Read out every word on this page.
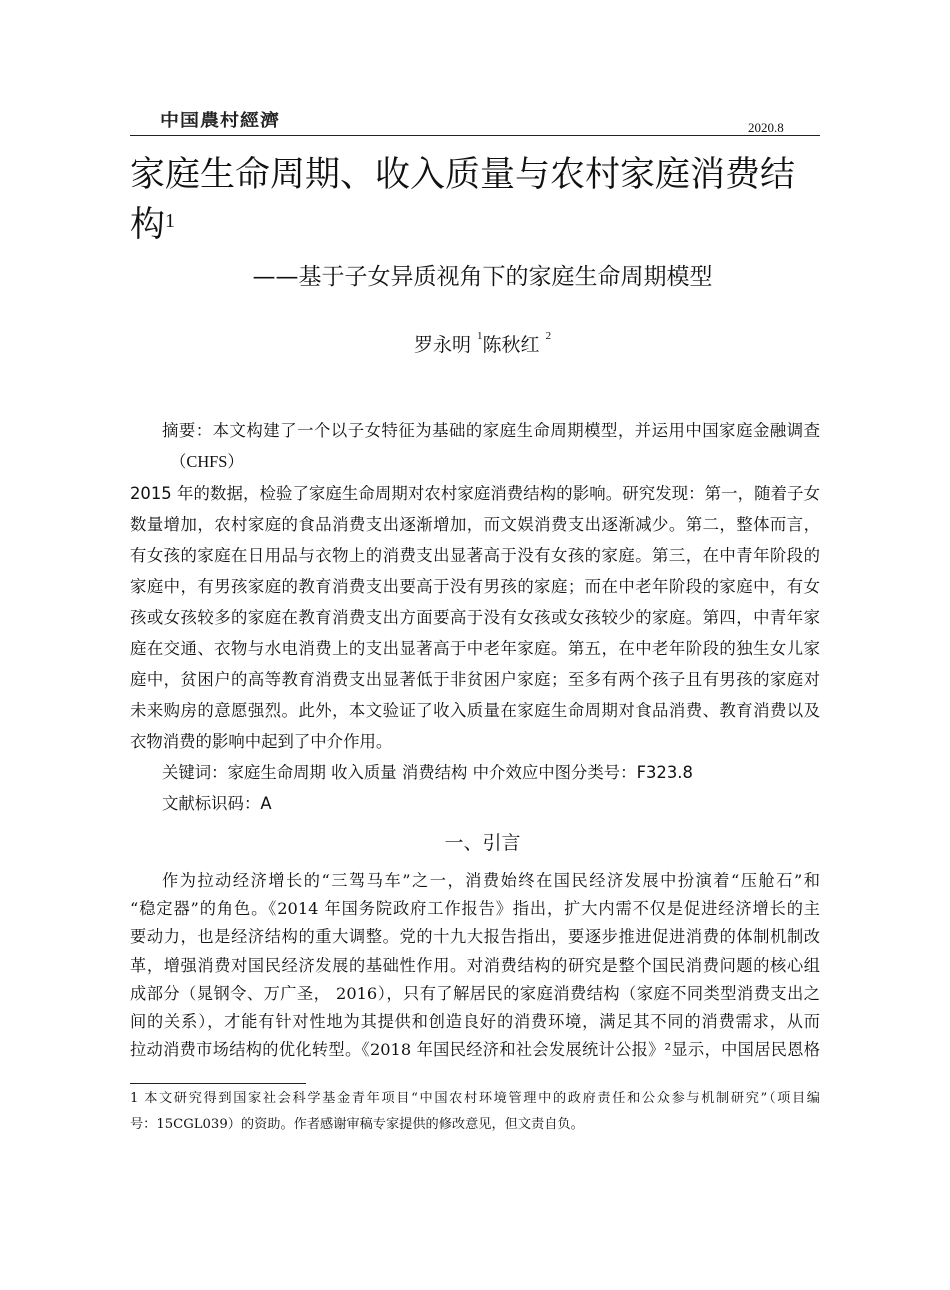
中国農村經濟	2020.8
家庭生命周期、收入质量与农村家庭消费结
构$^1$
——基于子女异质视角下的家庭生命周期模型
罗永明 $^1$陈秋红 $^2$
摘要：本文构建了一个以子女特征为基础的家庭生命周期模型，并运用中国家庭金融调查
（CHFS）
2015 年的数据，检验了家庭生命周期对农村家庭消费结构的影响。研究发现：第一，随着子女
数量增加，农村家庭的食品消费支出逐渐增加，而文娱消费支出逐渐减少。第二，整体而言，
有女孩的家庭在日用品与衣物上的消费支出显著高于没有女孩的家庭。第三，在中青年阶段的
家庭中，有男孩家庭的教育消费支出要高于没有男孩的家庭；而在中老年阶段的家庭中，有女
孩或女孩较多的家庭在教育消费支出方面要高于没有女孩或女孩较少的家庭。第四，中青年家
庭在交通、衣物与水电消费上的支出显著高于中老年家庭。第五，在中老年阶段的独生女儿家
庭中，贫困户的高等教育消费支出显著低于非贫困户家庭；至多有两个孩子且有男孩的家庭对
未来购房的意愿强烈。此外，本文验证了收入质量在家庭生命周期对食品消费、教育消费以及
衣物消费的影响中起到了中介作用。
关键词：家庭生命周期 收入质量 消费结构 中介效应中图分类号：F323.8
文献标识码：A
一、引言
作为拉动经济增长的“三驾马车”之一，消费始终在国民经济发展中扮演着“压舱石”和
“稳定器”的角色。《2014 年国务院政府工作报告》指出，扩大内需不仅是促进经济增长的主
要动力，也是经济结构的重大调整。党的十九大报告指出，要逐步推进促进消费的体制机制改
革，增强消费对国民经济发展的基础性作用。对消费结构的研究是整个国民消费问题的核心组
成部分（晁钢令、万广圣， 2016），只有了解居民的家庭消费结构（家庭不同类型消费支出之
间的关系），才能有针对性地为其提供和创造良好的消费环境，满足其不同的消费需求，从而
拉动消费市场结构的优化转型。《2018 年国民经济和社会发展统计公报》²显示，中国居民恩格
1 本文研究得到国家社会科学基金青年项目“中国农村环境管理中的政府责任和公众参与机制研究”（项目编
号：15CGL039）的资助。作者感谢审稿专家提供的修改意见，但文责自负。
